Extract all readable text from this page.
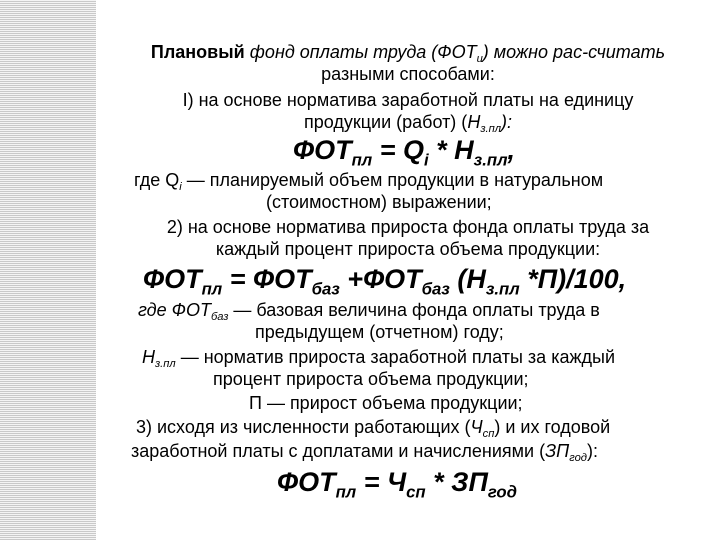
Плановый фонд оплаты труда $(ФОТ_и)$ можно рас-считать
разными способами:
I) на основе норматива заработной платы на единицу
продукции (работ) $(Н_{з.пл})$:
$ФОТ_{пл} = Q_i * Н_{з.пл}$,
где $Q_i$ — планируемый объем продукции в натуральном
(стоимостном) выражении;
2) на основе норматива прироста фонда оплаты труда за
каждый процент прироста объема продукции:
$ФОТ_{пл} = ФОТ_{баз} +ФОТ_{баз}$ ($Н_{з.пл}$ *П)/100,
где $ФОТ_{баз}$ — базовая величина фонда оплаты труда в
предыдущем (отчетном) году;
$Н_{з.пл}$ — норматив прироста заработной платы за каждый
процент прироста объема продукции;
П — прирост объема продукции;
3) исходя из численности работающих $(Ч_{сп})$ и их годовой
заработной платы с доплатами и начислениями $(ЗП_{год})$:
$ФОТ_{пл} = Ч_{сп} * ЗП_{год}$
